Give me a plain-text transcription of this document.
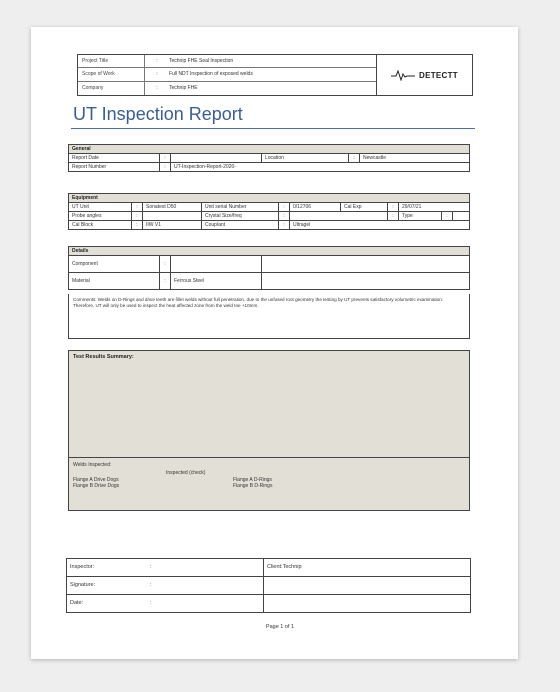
Project Title	:	Technip FHE Seal Inspection
Scope of Work	:	Full NDT Inspection of exposed welds
Company	:	Technip FHE
DETECTT
UT Inspection Report
General					
Report Date	:		Location	:	Newcastle
Report Number	:	UT-Inspection-Report-2020-			
Equipment										
UT Unit	:	Sonatest D50	Unit serial Number	:	0/12706	Cal Exp	:	29/07/21		
Probe angles	:		Crystal Size/freq	:			:	Type	:	
Cal Block	:	IIW V1	Couplant	:	Ultragel					
Details			
Component	:		
Material	:	Ferrous Steel	
Comments: Welds on D-Rings and drive teeth are fillet welds without full penetration, due to the unfused root geometry the testing by UT prevents satisfactory volumetric examination. Therefore, UT will only be used to inspect the heat affected zone from the weld toe +10mm.
Test Results Summary:
Welds Inspected:
Inspected (check)
Flange A Drive Dogs
Flange B Drive Dogs
Flange A D-Rings
Flange B D-Rings
Inspector:	:	Client:Technip
Signature:	:	
Date:	:	
Page 1 of 1
